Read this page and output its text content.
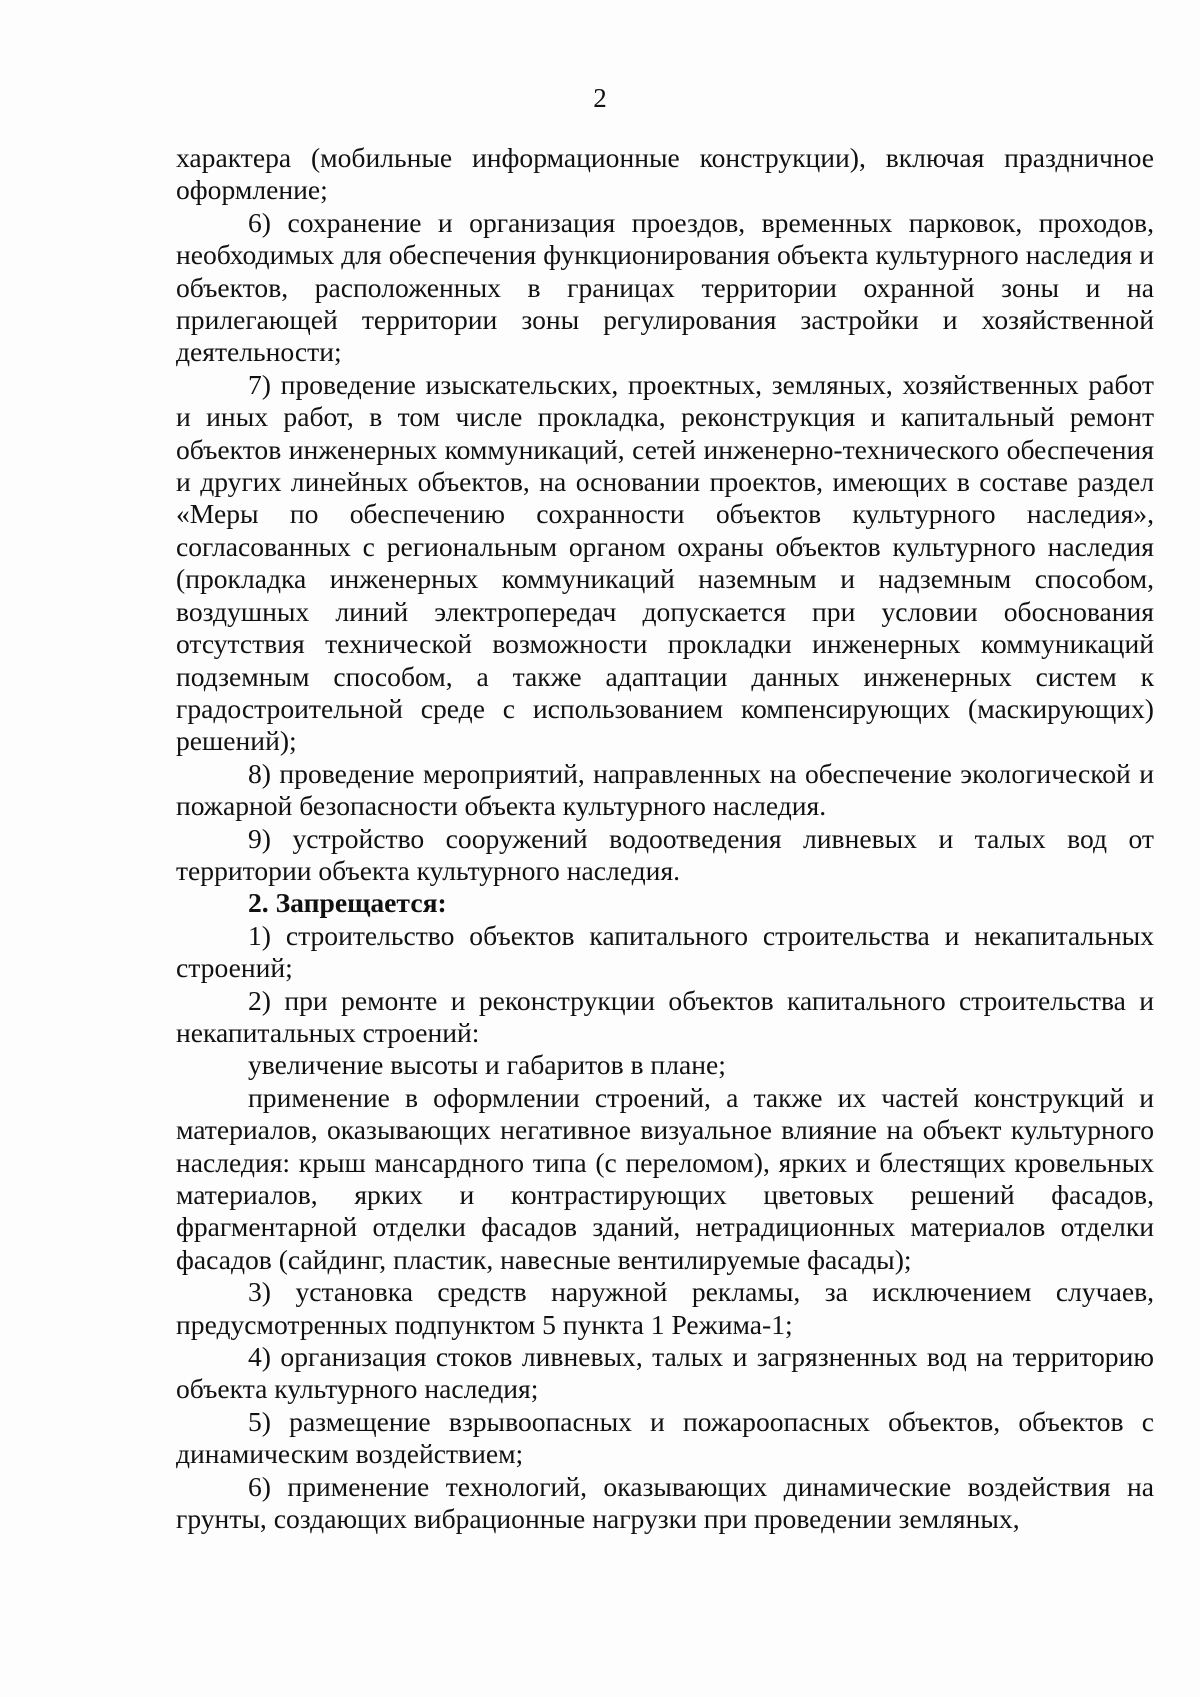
2

характера (мобильные информационные конструкции), включая праздничное оформление;

6) сохранение и организация проездов, временных парковок, проходов, необходимых для обеспечения функционирования объекта культурного наследия и объектов, расположенных в границах территории охранной зоны и на прилегающей территории зоны регулирования застройки и хозяйственной деятельности;

7) проведение изыскательских, проектных, земляных, хозяйственных работ и иных работ, в том числе прокладка, реконструкция и капитальный ремонт объектов инженерных коммуникаций, сетей инженерно-технического обеспечения и других линейных объектов, на основании проектов, имеющих в составе раздел «Меры по обеспечению сохранности объектов культурного наследия», согласованных с региональным органом охраны объектов культурного наследия (прокладка инженерных коммуникаций наземным и надземным способом, воздушных линий электропередач допускается при условии обоснования отсутствия технической возможности прокладки инженерных коммуникаций подземным способом, а также адаптации данных инженерных систем к градостроительной среде с использованием компенсирующих (маскирующих) решений);

8) проведение мероприятий, направленных на обеспечение экологической и пожарной безопасности объекта культурного наследия.

9) устройство сооружений водоотведения ливневых и талых вод от территории объекта культурного наследия.

2. Запрещается:

1) строительство объектов капитального строительства и некапитальных строений;

2) при ремонте и реконструкции объектов капитального строительства и некапитальных строений:

увеличение высоты и габаритов в плане;

применение в оформлении строений, а также их частей конструкций и материалов, оказывающих негативное визуальное влияние на объект культурного наследия: крыш мансардного типа (с переломом), ярких и блестящих кровельных материалов, ярких и контрастирующих цветовых решений фасадов, фрагментарной отделки фасадов зданий, нетрадиционных материалов отделки фасадов (сайдинг, пластик, навесные вентилируемые фасады);

3) установка средств наружной рекламы, за исключением случаев, предусмотренных подпунктом 5 пункта 1 Режима-1;

4) организация стоков ливневых, талых и загрязненных вод на территорию объекта культурного наследия;

5) размещение взрывоопасных и пожароопасных объектов, объектов с динамическим воздействием;

6) применение технологий, оказывающих динамические воздействия на грунты, создающих вибрационные нагрузки при проведении земляных,
